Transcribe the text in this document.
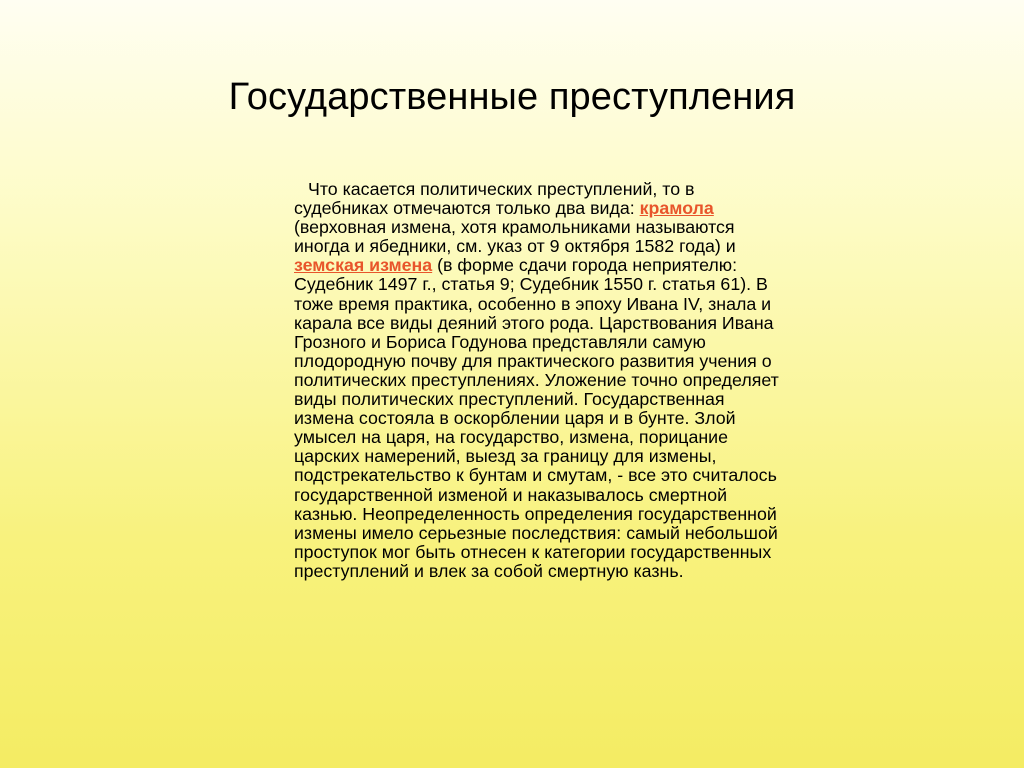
Государственные преступления
Что касается политических преступлений, то в судебниках отмечаются только два вида: крамола (верховная измена, хотя крамольниками называются иногда и ябедники, см. указ от 9 октября 1582 года) и земская измена (в форме сдачи города неприятелю: Судебник 1497 г., статья 9; Судебник 1550 г. статья 61). В тоже время практика, особенно в эпоху Ивана IV, знала и карала все виды деяний этого рода. Царствования Ивана Грозного и Бориса Годунова представляли самую плодородную почву для практического развития учения о политических преступлениях. Уложение точно определяет виды политических преступлений. Государственная измена состояла в оскорблении царя и в бунте. Злой умысел на царя, на государство, измена, порицание царских намерений, выезд за границу для измены, подстрекательство к бунтам и смутам, - все это считалось государственной изменой и наказывалось смертной казнью. Неопределенность определения государственной измены имело серьезные последствия: самый небольшой проступок мог быть отнесен к категории государственных преступлений и влек за собой смертную казнь.
